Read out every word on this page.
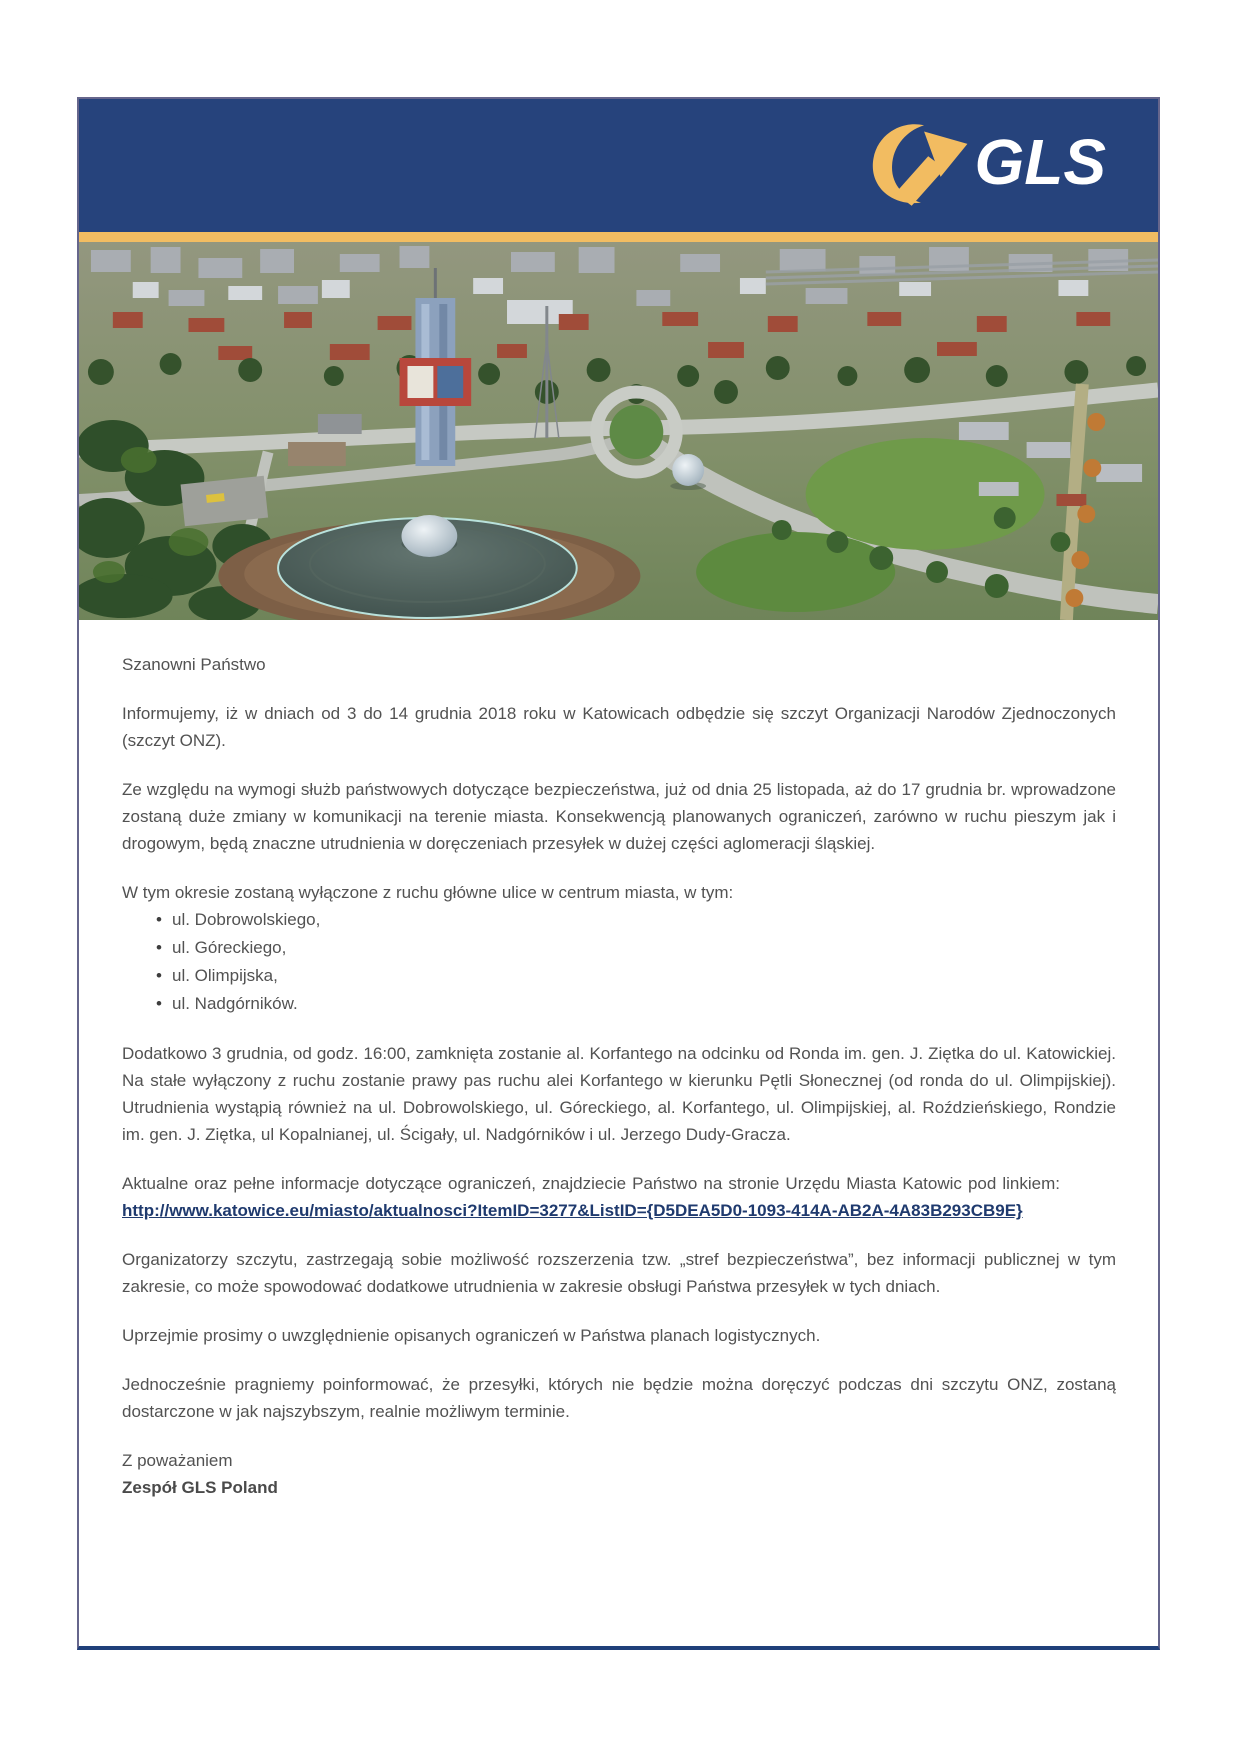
GLS

Szanowni Państwo

Informujemy, iż w dniach od 3 do 14 grudnia 2018 roku w Katowicach odbędzie się szczyt Organizacji Narodów Zjednoczonych (szczyt ONZ).

Ze względu na wymogi służb państwowych dotyczące bezpieczeństwa, już od dnia 25 listopada, aż do 17 grudnia br. wprowadzone zostaną duże zmiany w komunikacji na terenie miasta. Konsekwencją planowanych ograniczeń, zarówno w ruchu pieszym jak i drogowym, będą znaczne utrudnienia w doręczeniach przesyłek w dużej części aglomeracji śląskiej.

W tym okresie zostaną wyłączone z ruchu główne ulice w centrum miasta, w tym:

• ul. Dobrowolskiego,
• ul. Góreckiego,
• ul. Olimpijska,
• ul. Nadgórników.

Dodatkowo 3 grudnia, od godz. 16:00, zamknięta zostanie al. Korfantego na odcinku od Ronda im. gen. J. Ziętka do ul. Katowickiej. Na stałe wyłączony z ruchu zostanie prawy pas ruchu alei Korfantego w kierunku Pętli Słonecznej (od ronda do ul. Olimpijskiej). Utrudnienia wystąpią również na ul. Dobrowolskiego, ul. Góreckiego, al. Korfantego, ul. Olimpijskiej, al. Roździeńskiego, Rondzie im. gen. J. Ziętka, ul Kopalnianej, ul. Ścigały, ul. Nadgórników i ul. Jerzego Dudy-Gracza.

Aktualne oraz pełne informacje dotyczące ograniczeń, znajdziecie Państwo na stronie Urzędu Miasta Katowic pod linkiem:http://www.katowice.eu/miasto/aktualnosci?ItemID=3277&ListID={D5DEA5D0-1093-414A-AB2A-4A83B293CB9E}

Organizatorzy szczytu, zastrzegają sobie możliwość rozszerzenia tzw. „stref bezpieczeństwa”, bez informacji publicznej w tym zakresie, co może spowodować dodatkowe utrudnienia w zakresie obsługi Państwa przesyłek w tych dniach.

Uprzejmie prosimy o uwzględnienie opisanych ograniczeń w Państwa planach logistycznych.

Jednocześnie pragniemy poinformować, że przesyłki, których nie będzie można doręczyć podczas dni szczytu ONZ, zostaną dostarczone w jak najszybszym, realnie możliwym terminie.

Z poważaniem

Zespół GLS Poland
